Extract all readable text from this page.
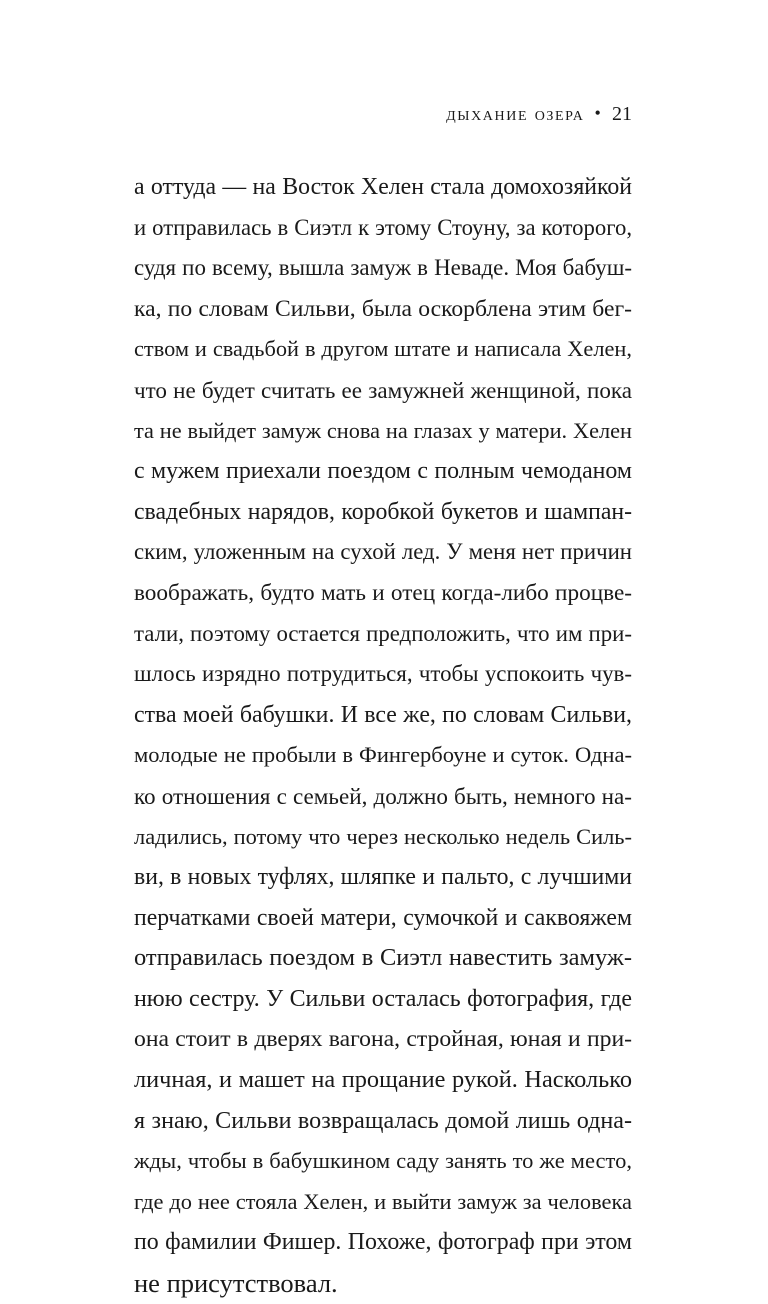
дыхание озера • 21
а оттуда — на Восток Хелен стала домохозяйкой
и отправилась в Сиэтл к этому Стоуну, за которого,
судя по всему, вышла замуж в Неваде. Моя бабуш-
ка, по словам Сильви, была оскорблена этим бег-
ством и свадьбой в другом штате и написала Хелен,
что не будет считать ее замужней женщиной, пока
та не выйдет замуж снова на глазах у матери. Хелен
с мужем приехали поездом с полным чемоданом
свадебных нарядов, коробкой букетов и шампан-
ским, уложенным на сухой лед. У меня нет причин
воображать, будто мать и отец когда-либо процве-
тали, поэтому остается предположить, что им при-
шлось изрядно потрудиться, чтобы успокоить чув-
ства моей бабушки. И все же, по словам Сильви,
молодые не пробыли в Фингербоуне и суток. Одна-
ко отношения с семьей, должно быть, немного на-
ладились, потому что через несколько недель Силь-
ви, в новых туфлях, шляпке и пальто, с лучшими
перчатками своей матери, сумочкой и саквояжем
отправилась поездом в Сиэтл навестить замуж-
нюю сестру. У Сильви осталась фотография, где
она стоит в дверях вагона, стройная, юная и при-
личная, и машет на прощание рукой. Насколько
я знаю, Сильви возвращалась домой лишь одна-
жды, чтобы в бабушкином саду занять то же место,
где до нее стояла Хелен, и выйти замуж за человека
по фамилии Фишер. Похоже, фотограф при этом
не присутствовал.
